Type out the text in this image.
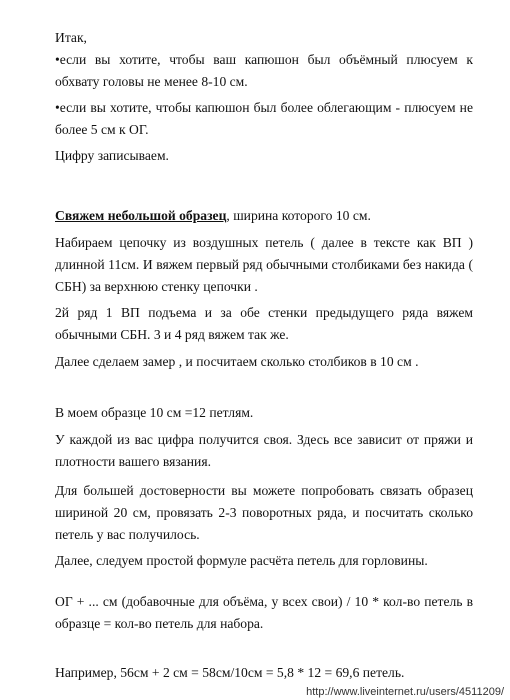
Итак,

•если вы хотите, чтобы ваш капюшон был объёмный плюсуем к обхвату головы не менее 8-10 см.

•если вы хотите, чтобы капюшон был более облегающим - плюсуем не более 5 см к ОГ.

Цифру записываем.

Свяжем небольшой образец, ширина которого 10 см.

Набираем цепочку из воздушных петель ( далее в тексте как ВП ) длинной 11см. И вяжем первый ряд обычными столбиками без накида ( СБН) за верхнюю стенку цепочки .

2й ряд 1 ВП подъема и за обе стенки предыдущего ряда вяжем обычными СБН. 3 и 4 ряд вяжем так же.

Далее сделаем замер , и посчитаем сколько столбиков в 10 см .

В моем образце 10 см =12 петлям.

У каждой из вас цифра получится своя. Здесь все зависит от пряжи и плотности вашего вязания.

Для большей достоверности вы можете попробовать связать образец шириной 20 см, провязать 2-3 поворотных ряда, и посчитать сколько петель у вас получилось.

Далее, следуем простой формуле расчёта петель для горловины.

ОГ + ... см (добавочные для объёма, у всех свои) / 10 * кол-во петель в образце = кол-во петель для набора.

Например, 56см + 2 см = 58см/10см = 5,8 * 12 = 69,6 петель.

http://www.liveinternet.ru/users/4511209/
